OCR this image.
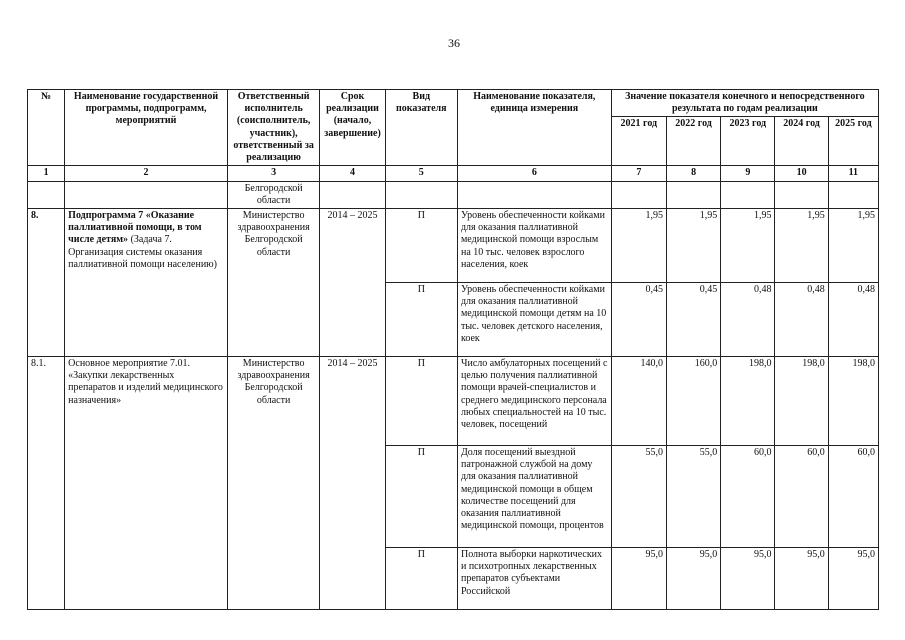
36
№	Наименование государственной программы, подпрограмм, мероприятий	Ответственный исполнитель (соисполнитель, участник), ответственный за реализацию	Срок реализации (начало, завершение)	Вид показателя	Наименование показателя, единица измерения	Значение показателя конечного и непосредственного результата по годам реализации				
						2021 год	2022 год	2023 год	2024 год	2025 год
1	2	3	4	5	6	7	8	9	10	11
		Белгородской области								
8.	Подпрограмма 7 «Оказание паллиативной помощи, в том числе детям» (Задача 7. Организация системы оказания паллиативной помощи населению)	Министерство здравоохранения Белгородской области	2014 – 2025	П	Уровень обеспеченности койками для оказания паллиативной медицинской помощи взрослым на 10 тыс. человек взрослого населения, коек	1,95	1,95	1,95	1,95	1,95
				П	Уровень обеспеченности койками для оказания паллиативной медицинской помощи детям на 10 тыс. человек детского населения, коек	0,45	0,45	0,48	0,48	0,48
8.1.	Основное мероприятие 7.01. «Закупки лекарственных препаратов и изделий медицинского назначения»	Министерство здравоохранения Белгородской области	2014 – 2025	П	Число амбулаторных посещений с целью получения паллиативной помощи врачей-специалистов и среднего медицинского персонала любых специальностей на 10 тыс. человек, посещений	140,0	160,0	198,0	198,0	198,0
				П	Доля посещений выездной патронажной службой на дому для оказания паллиативной медицинской помощи в общем количестве посещений для оказания паллиативной медицинской помощи, процентов	55,0	55,0	60,0	60,0	60,0
				П	Полнота выборки наркотических и психотропных лекарственных препаратов субъектами Российской	95,0	95,0	95,0	95,0	95,0
